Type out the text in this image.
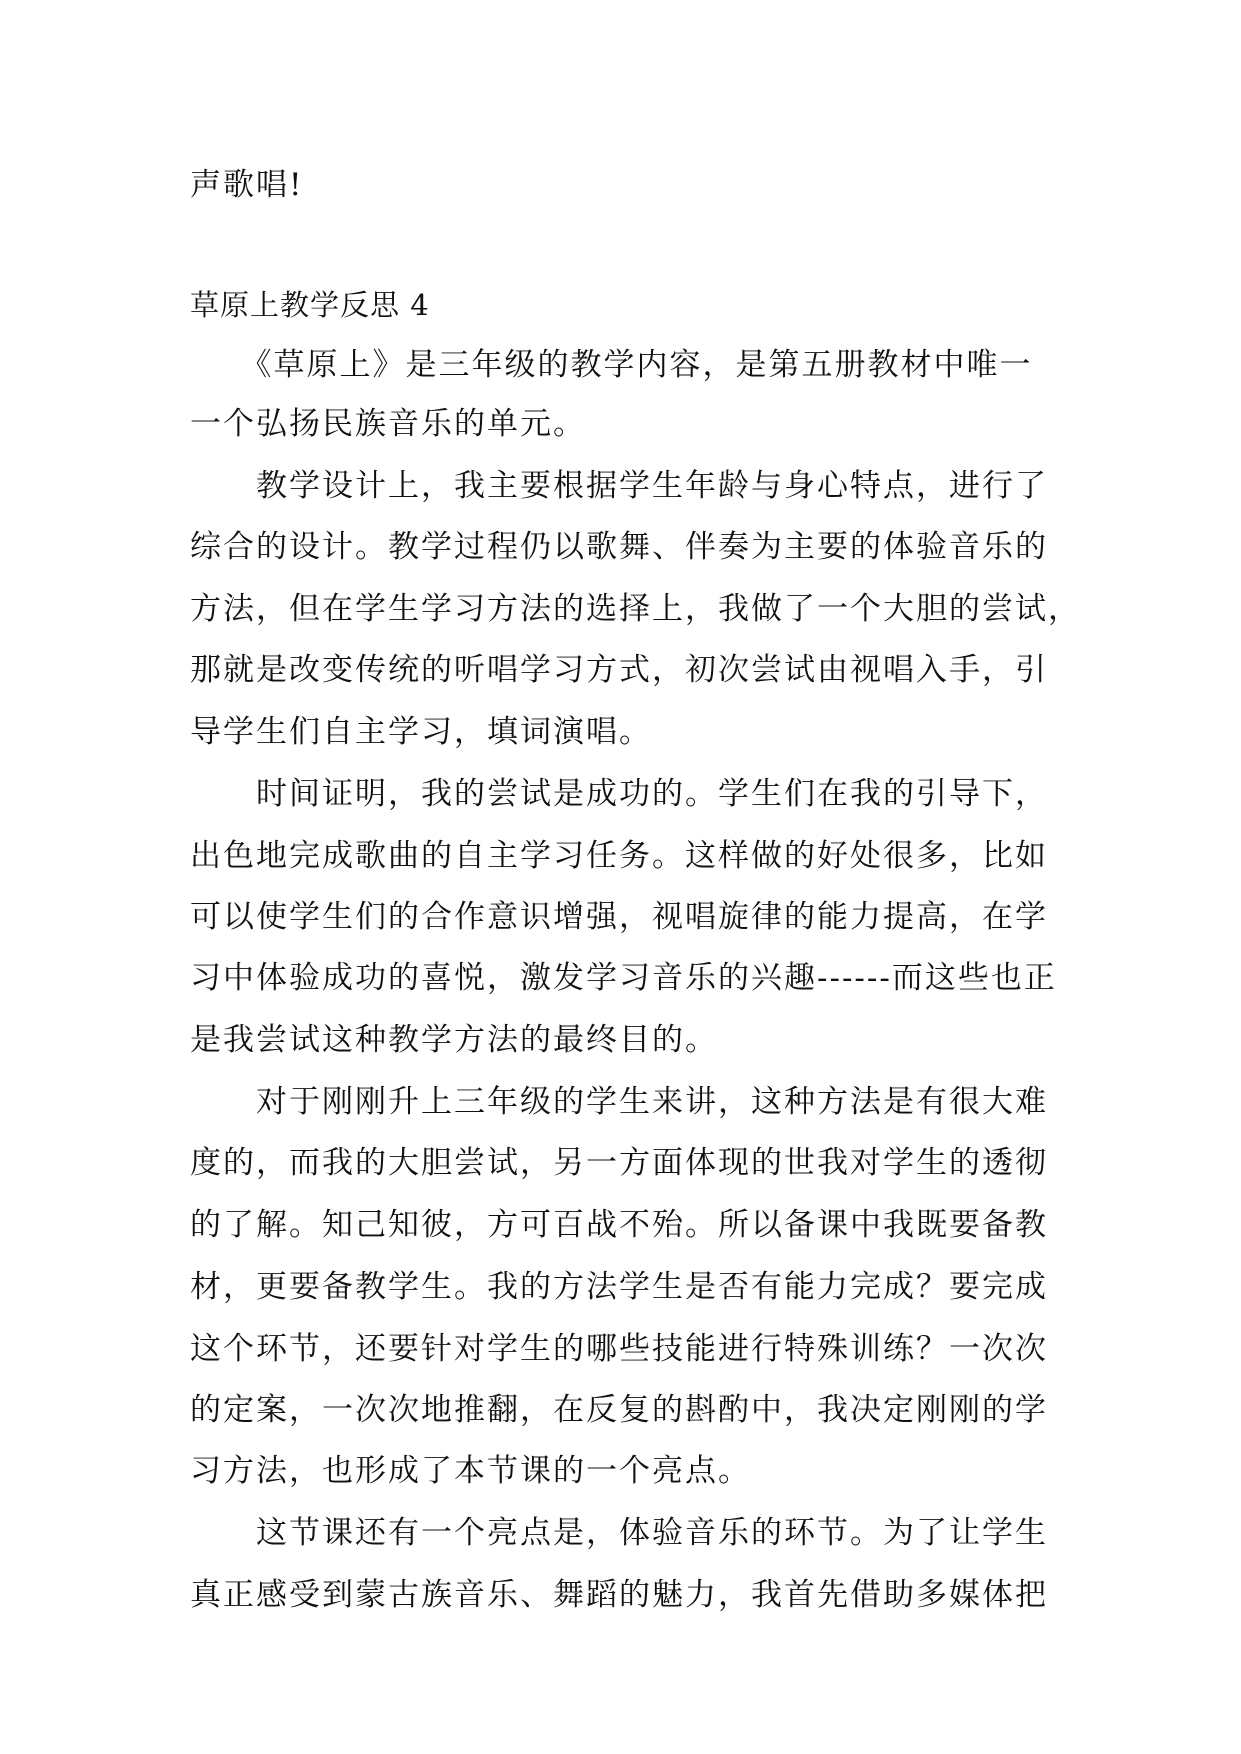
声歌唱!

草原上教学反思 4

　　《草原上》是三年级的教学内容，是第五册教材中唯一

一个弘扬民族音乐的单元。

　　教学设计上，我主要根据学生年龄与身心特点，进行了

综合的设计。教学过程仍以歌舞、伴奏为主要的体验音乐的

方法，但在学生学习方法的选择上，我做了一个大胆的尝试，

那就是改变传统的听唱学习方式，初次尝试由视唱入手，引

导学生们自主学习，填词演唱。

　　时间证明，我的尝试是成功的。学生们在我的引导下，

出色地完成歌曲的自主学习任务。这样做的好处很多，比如

可以使学生们的合作意识增强，视唱旋律的能力提高，在学

习中体验成功的喜悦，激发学习音乐的兴趣------而这些也正

是我尝试这种教学方法的最终目的。

　　对于刚刚升上三年级的学生来讲，这种方法是有很大难

度的，而我的大胆尝试，另一方面体现的世我对学生的透彻

的了解。知己知彼，方可百战不殆。所以备课中我既要备教

材，更要备教学生。我的方法学生是否有能力完成？要完成

这个环节，还要针对学生的哪些技能进行特殊训练？一次次

的定案，一次次地推翻，在反复的斟酌中，我决定刚刚的学

习方法，也形成了本节课的一个亮点。

　　这节课还有一个亮点是，体验音乐的环节。为了让学生

真正感受到蒙古族音乐、舞蹈的魅力，我首先借助多媒体把
